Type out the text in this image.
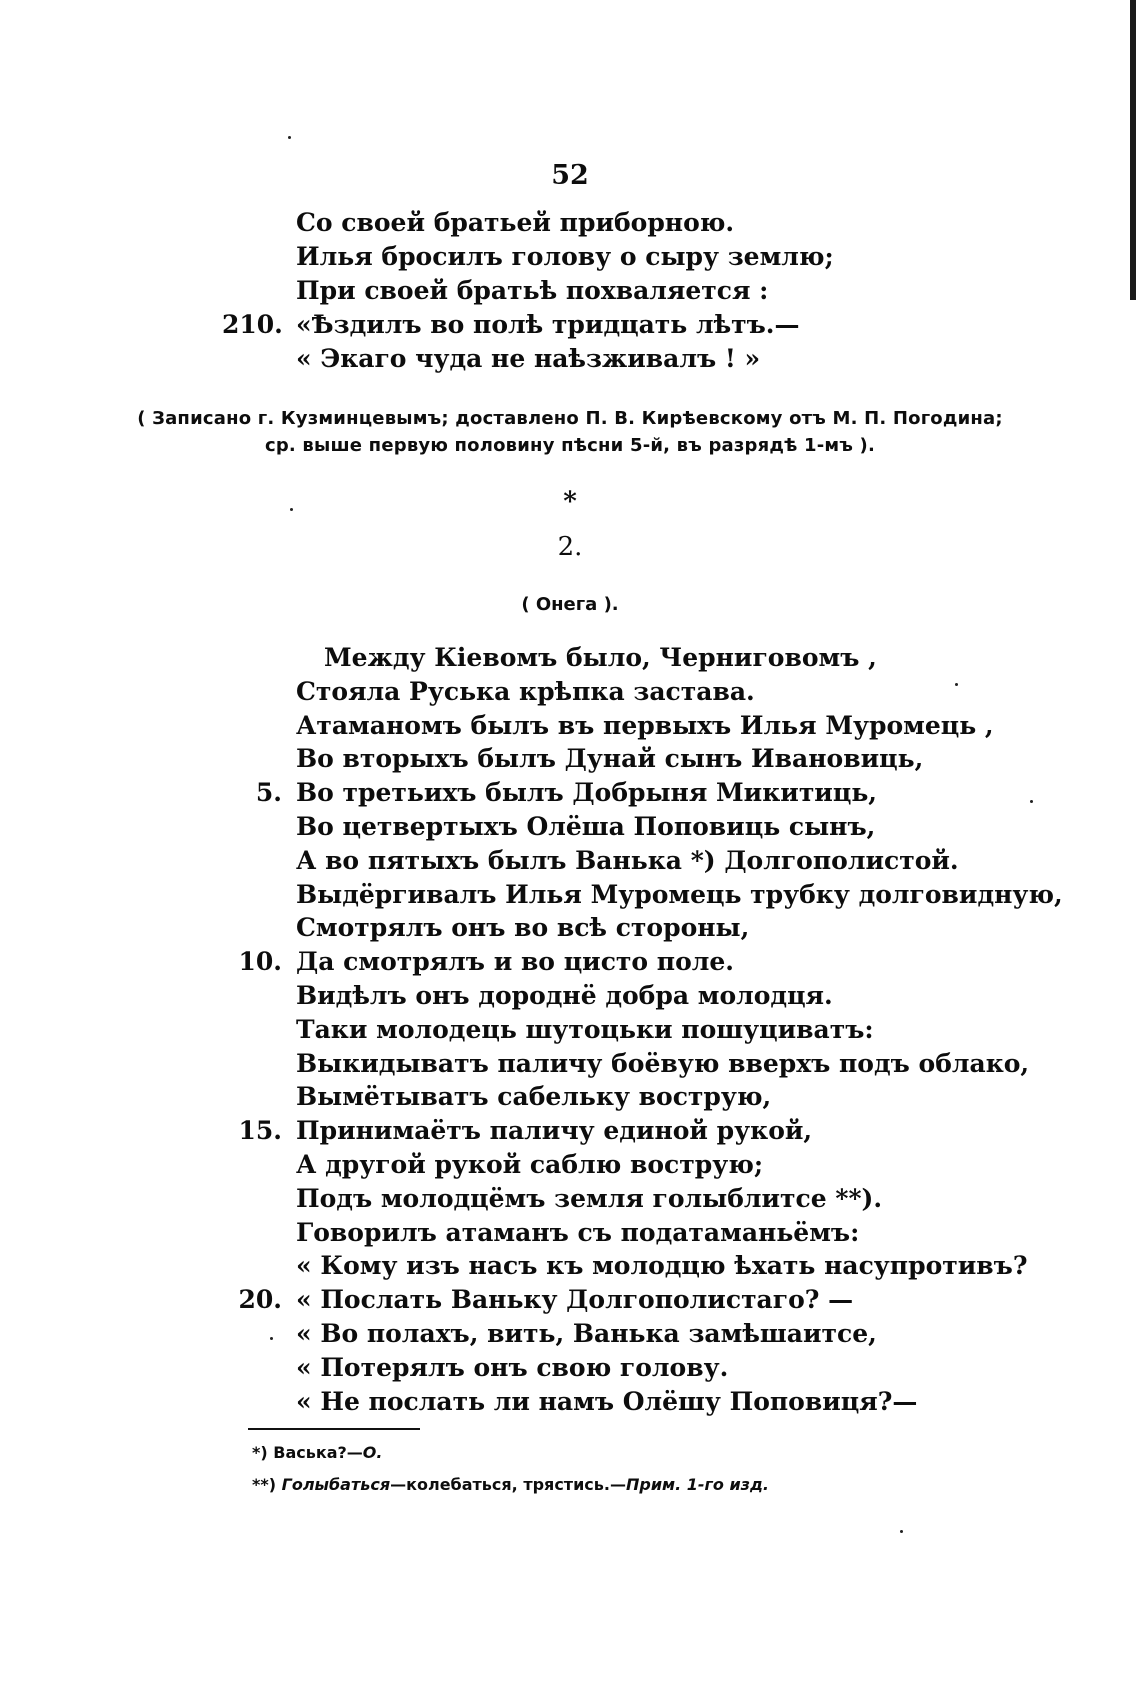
52
Со своей братьей приборною.
Илья бросилъ голову о сыру землю;
При своей братьѣ похваляется :
210. «Ѣздилъ во полѣ тридцать лѣтъ.—
« Экаго чуда не наѣзживалъ ! »
( Записано г. Кузминцевымъ; доставлено П. В. Кирѣевскому отъ М. П. Погодина;
ср. выше первую половину пѣсни 5-й, въ разрядѣ 1-мъ ).
*
2.
( Онега ).
Между Кіевомъ было, Черниговомъ ,
Стояла Руська крѣпка застава.
Атаманомъ былъ въ первыхъ Илья Муромець ,
Во вторыхъ былъ Дунай сынъ Ивановиць,
5. Во третьихъ былъ Добрыня Микитиць,
Во цетвертыхъ Олёша Поповиць сынъ,
А во пятыхъ былъ Ванька *) Долгополистой.
Выдёргивалъ Илья Муромець трубку долговидную,
Смотрялъ онъ во всѣ стороны,
10. Да смотрялъ и во цисто поле.
Видѣлъ онъ дороднё добра молодця.
Таки молодець шутоцьки пошуциватъ:
Выкидыватъ паличу боёвую вверхъ подъ облако,
Вымётыватъ сабельку вострую,
15. Принимаётъ паличу единой рукой,
А другой рукой саблю вострую;
Подъ молодцёмъ земля голыблитсе **).
Говорилъ атаманъ съ податаманьёмъ:
« Кому изъ насъ къ молодцю ѣхать насупротивъ?
20. « Послать Ваньку Долгополистаго? —
« Во полахъ, вить, Ванька замѣшаитсе,
« Потерялъ онъ свою голову.
« Не послать ли намъ Олёшу Поповиця?—
*) Васька?—О.
**) Голыбаться—колебаться, трястись.—Прим. 1-го изд.
